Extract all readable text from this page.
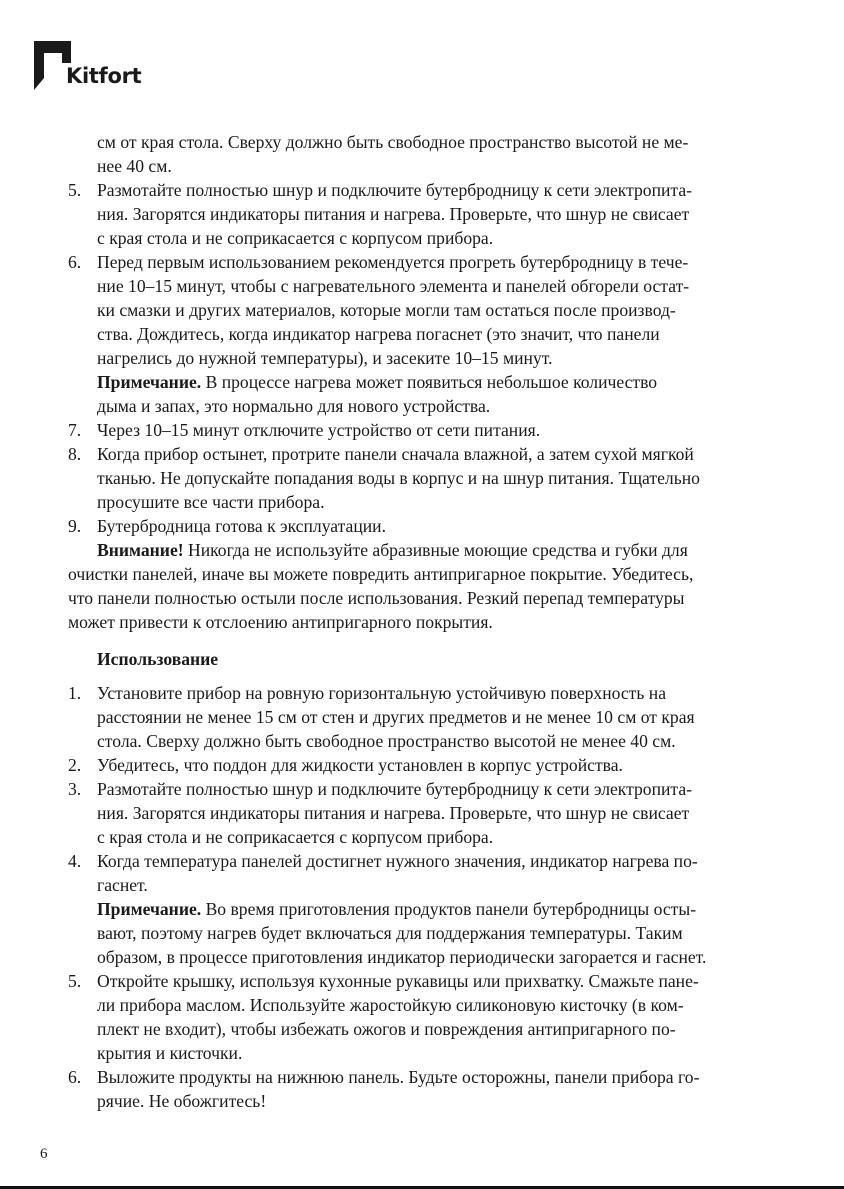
Kitfort
см от края стола. Сверху должно быть свободное пространство высотой не ме-
нее 40 см.
5. Размотайте полностью шнур и подключите бутербродницу к сети электропита-
ния. Загорятся индикаторы питания и нагрева. Проверьте, что шнур не свисает
с края стола и не соприкасается с корпусом прибора.
6. Перед первым использованием рекомендуется прогреть бутербродницу в тече-
ние 10–15 минут, чтобы с нагревательного элемента и панелей обгорели остат-
ки смазки и других материалов, которые могли там остаться после производ-
ства. Дождитесь, когда индикатор нагрева погаснет (это значит, что панели
нагрелись до нужной температуры), и засеките 10–15 минут.
Примечание. В процессе нагрева может появиться небольшое количество
дыма и запах, это нормально для нового устройства.
7. Через 10–15 минут отключите устройство от сети питания.
8. Когда прибор остынет, протрите панели сначала влажной, а затем сухой мягкой
тканью. Не допускайте попадания воды в корпус и на шнур питания. Тщательно
просушите все части прибора.
9. Бутербродница готова к эксплуатации.
Внимание! Никогда не используйте абразивные моющие средства и губки для
очистки панелей, иначе вы можете повредить антипригарное покрытие. Убедитесь,
что панели полностью остыли после использования. Резкий перепад температуры
может привести к отслоению антипригарного покрытия.
Использование
1. Установите прибор на ровную горизонтальную устойчивую поверхность на
расстоянии не менее 15 см от стен и других предметов и не менее 10 см от края
стола. Сверху должно быть свободное пространство высотой не менее 40 см.
2. Убедитесь, что поддон для жидкости установлен в корпус устройства.
3. Размотайте полностью шнур и подключите бутербродницу к сети электропита-
ния. Загорятся индикаторы питания и нагрева. Проверьте, что шнур не свисает
с края стола и не соприкасается с корпусом прибора.
4. Когда температура панелей достигнет нужного значения, индикатор нагрева по-
гаснет.
Примечание. Во время приготовления продуктов панели бутербродницы осты-
вают, поэтому нагрев будет включаться для поддержания температуры. Таким
образом, в процессе приготовления индикатор периодически загорается и гаснет.
5. Откройте крышку, используя кухонные рукавицы или прихватку. Смажьте пане-
ли прибора маслом. Используйте жаростойкую силиконовую кисточку (в ком-
плект не входит), чтобы избежать ожогов и повреждения антипригарного по-
крытия и кисточки.
6. Выложите продукты на нижнюю панель. Будьте осторожны, панели прибора го-
рячие. Не обожгитесь!
6
